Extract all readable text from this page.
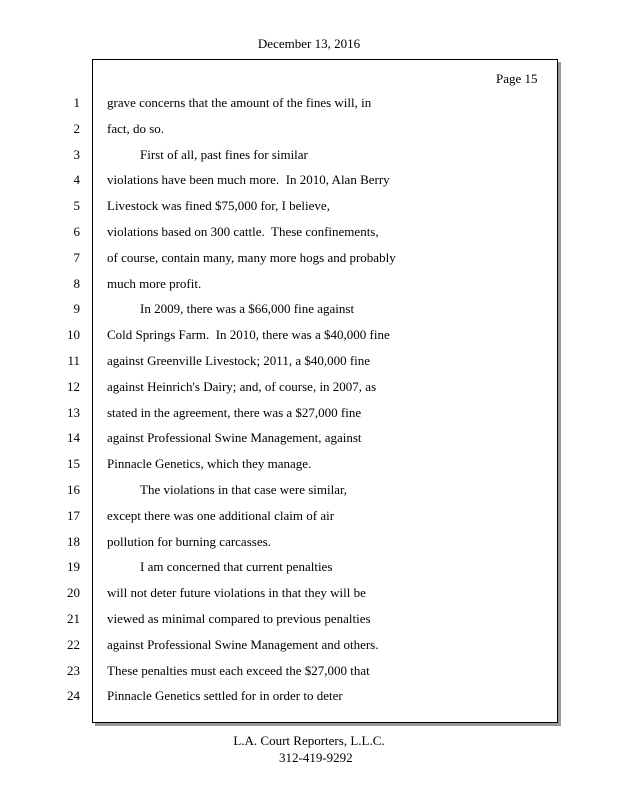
December 13, 2016
Page 15
1
2
3
4
5
6
7
8
9
10
11
12
13
14
15
16
17
18
19
20
21
22
23
24
grave concerns that the amount of the fines will, in
fact, do so.
First of all, past fines for similar
violations have been much more.  In 2010, Alan Berry
Livestock was fined $75,000 for, I believe,
violations based on 300 cattle.  These confinements,
of course, contain many, many more hogs and probably
much more profit.
In 2009, there was a $66,000 fine against
Cold Springs Farm.  In 2010, there was a $40,000 fine
against Greenville Livestock; 2011, a $40,000 fine
against Heinrich's Dairy; and, of course, in 2007, as
stated in the agreement, there was a $27,000 fine
against Professional Swine Management, against
Pinnacle Genetics, which they manage.
The violations in that case were similar,
except there was one additional claim of air
pollution for burning carcasses.
I am concerned that current penalties
will not deter future violations in that they will be
viewed as minimal compared to previous penalties
against Professional Swine Management and others.
These penalties must each exceed the $27,000 that
Pinnacle Genetics settled for in order to deter
L.A. Court Reporters, L.L.C.
312-419-9292
